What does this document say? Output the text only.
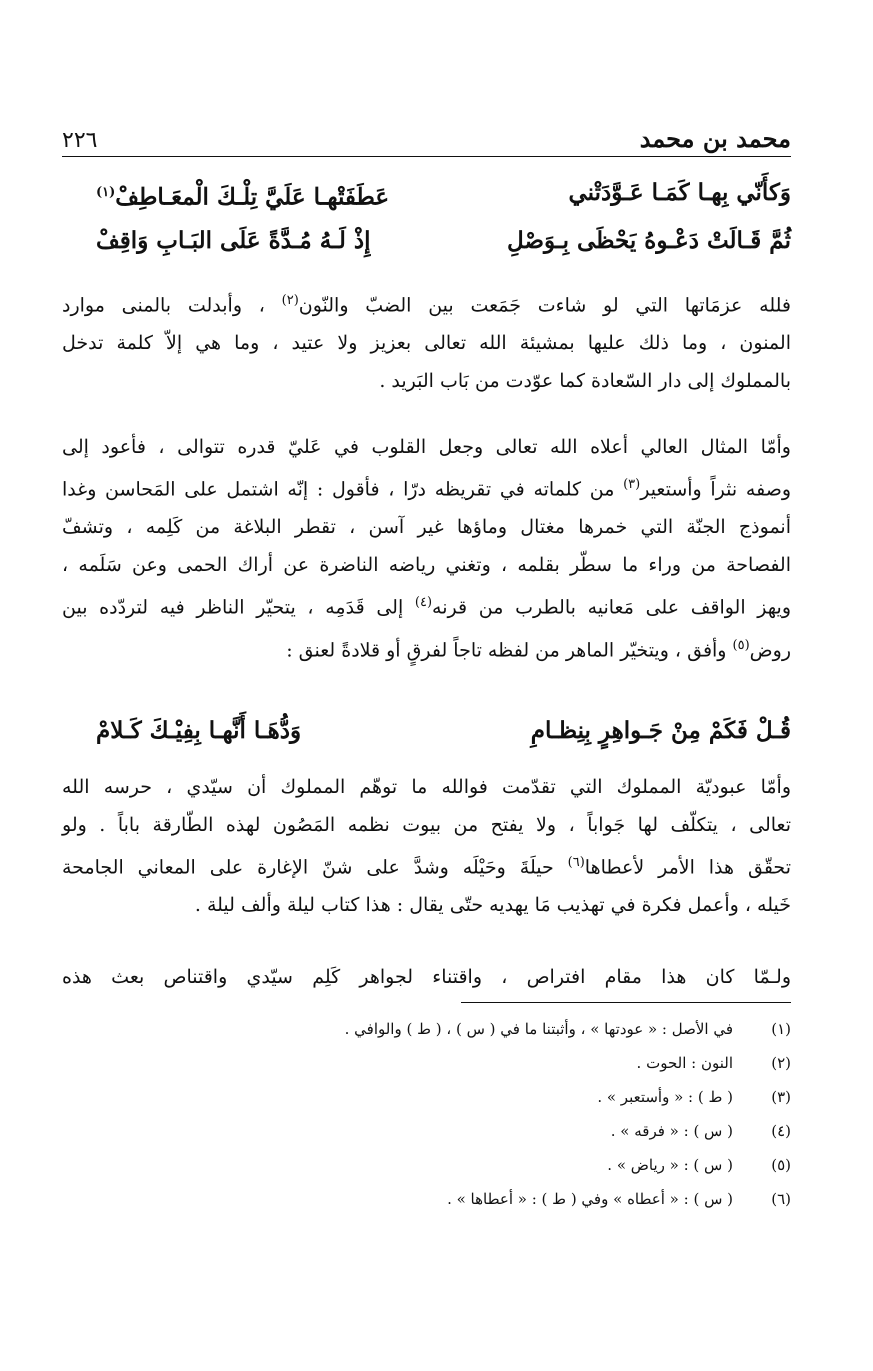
محمد بن محمد
٢٢٦
وَكأَنّي بِهـا كَمَـا عَـوَّدَتْني
عَطَفَتْهـا عَلَيَّ تِلْـكَ الْمعَـاطِفْ$^{(١)}$
ثُمَّ قَـالَتْ دَعْـوهُ يَحْظَى بِـوَصْلِ
إِذْ لَـهُ مُـدَّةً عَلَى البَـابِ وَاقِفْ

فلله عزمَاتها التي لو شاءت جَمَعت بين الضبّ والنّون$^{(٢)}$ ، وأبدلت بالمنى موارد
المنون ، وما ذلك عليها بمشيئة الله تعالى بعزيز ولا عتيد ، وما هي إلاّ كلمة تدخل
بالمملوك إلى دار السّعادة كما عوّدت من بَاب البَريد .

وأمّا المثال العالي أعلاه الله تعالى وجعل القلوب في عَليّ قدره تتوالى ، فأعود إلى
وصفه نثراً وأستعير$^{(٣)}$ من كلماته في تقريظه درّا ، فأقول : إنّه اشتمل على المَحاسن وغدا
أنموذج الجنّة التي خمرها مغتال وماؤها غير آسن ، تقطر البلاغة من كَلِمه ، وتشفّ
الفصاحة من وراء ما سطّر بقلمه ، وتغني رياضه الناضرة عن أراك الحمى وعن سَلَمه ،
ويهز الواقف على مَعانيه بالطرب من قرنه$^{(٤)}$ إلى قَدَمِه ، يتحيّر الناظر فيه لتردّده بين
روض$^{(٥)}$ وأفق ، ويتخيّر الماهر من لفظه تاجاً لفرقٍ أو قلادةً لعنق :

قُـلْ فَكَمْ مِنْ جَـواهِرٍ بِنِظـامِ
وَدُّهَـا أَنَّهـا بِفِيْـكَ كَـلامْ

وأمّا عبوديّة المملوك التي تقدّمت فوالله ما توهّم المملوك أن سيّدي ، حرسه الله
تعالى ، يتكلّف لها جَواباً ، ولا يفتح من بيوت نظمه المَصُون لهذه الطّارقة باباً . ولو
تحقّق هذا الأمر لأعطاها$^{(٦)}$ حيلَةَ وحَيْلَه وشدَّ على شنّ الإغارة على المعاني الجامحة
خَيله ، وأعمل فكرة في تهذيب مَا يهديه حتّى يقال : هذا كتاب ليلة وألف ليلة .

ولـمّا كان هذا مقام افتراص ، واقتناء لجواهر كَلِم سيّدي واقتناص بعث هذه

(١)
في الأصل : « عودتها » ، وأثبتنا ما في ( س ) ، ( ط ) والوافي .
(٢)
النون : الحوت .
(٣)
( ط ) : « وأستعبر » .
(٤)
( س ) : « فرقه » .
(٥)
( س ) : « رياض » .
(٦)
( س ) : « أعطاه » وفي ( ط ) : « أعطاها » .
